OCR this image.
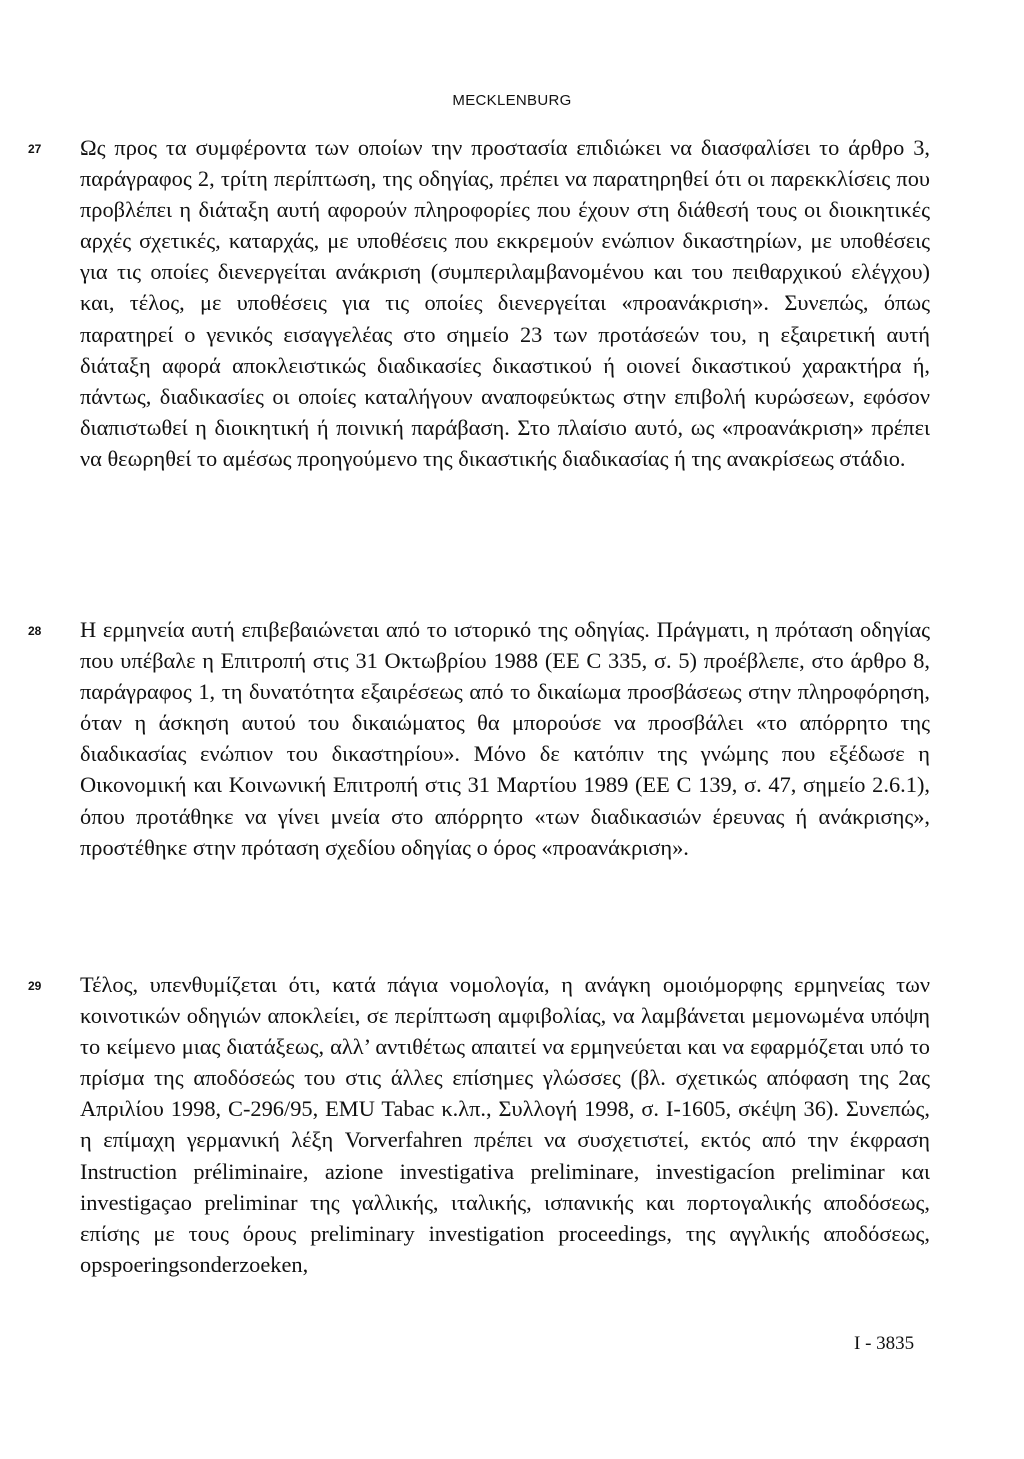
MECKLENBURG
27 Ως προς τα συμφέροντα των οποίων την προστασία επιδιώκει να διασφαλίσει το άρθρο 3, παράγραφος 2, τρίτη περίπτωση, της οδηγίας, πρέπει να παρατηρηθεί ότι οι παρεκκλίσεις που προβλέπει η διάταξη αυτή αφορούν πληροφορίες που έχουν στη διάθεσή τους οι διοικητικές αρχές σχετικές, καταρχάς, με υποθέσεις που εκκρεμούν ενώπιον δικαστηρίων, με υποθέσεις για τις οποίες διενεργείται ανάκριση (συμπεριλαμβανομένου και του πειθαρχικού ελέγχου) και, τέλος, με υποθέσεις για τις οποίες διενεργείται «προανάκριση». Συνεπώς, όπως παρατηρεί ο γενικός εισαγγελέας στο σημείο 23 των προτάσεών του, η εξαιρετική αυτή διάταξη αφορά αποκλειστικώς διαδικασίες δικαστικού ή οιονεί δικαστικού χαρακτήρα ή, πάντως, διαδικασίες οι οποίες καταλήγουν αναποφεύκτως στην επιβολή κυρώσεων, εφόσον διαπιστωθεί η διοικητική ή ποινική παράβαση. Στο πλαίσιο αυτό, ως «προανάκριση» πρέπει να θεωρηθεί το αμέσως προηγούμενο της δικαστικής διαδικασίας ή της ανακρίσεως στάδιο.
28 Η ερμηνεία αυτή επιβεβαιώνεται από το ιστορικό της οδηγίας. Πράγματι, η πρόταση οδηγίας που υπέβαλε η Επιτροπή στις 31 Οκτωβρίου 1988 (ΕΕ C 335, σ. 5) προέβλεπε, στο άρθρο 8, παράγραφος 1, τη δυνατότητα εξαιρέσεως από το δικαίωμα προσβάσεως στην πληροφόρηση, όταν η άσκηση αυτού του δικαιώματος θα μπορούσε να προσβάλει «το απόρρητο της διαδικασίας ενώπιον του δικαστηρίου». Μόνο δε κατόπιν της γνώμης που εξέδωσε η Οικονομική και Κοινωνική Επιτροπή στις 31 Μαρτίου 1989 (ΕΕ C 139, σ. 47, σημείο 2.6.1), όπου προτάθηκε να γίνει μνεία στο απόρρητο «των διαδικασιών έρευνας ή ανάκρισης», προστέθηκε στην πρόταση σχεδίου οδηγίας ο όρος «προανάκριση».
29 Τέλος, υπενθυμίζεται ότι, κατά πάγια νομολογία, η ανάγκη ομοιόμορφης ερμηνείας των κοινοτικών οδηγιών αποκλείει, σε περίπτωση αμφιβολίας, να λαμβάνεται μεμονωμένα υπόψη το κείμενο μιας διατάξεως, αλλ’ αντιθέτως απαιτεί να ερμηνεύεται και να εφαρμόζεται υπό το πρίσμα της αποδόσεώς του στις άλλες επίσημες γλώσσες (βλ. σχετικώς απόφαση της 2ας Απριλίου 1998, C-296/95, EMU Tabac κ.λπ., Συλλογή 1998, σ. I-1605, σκέψη 36). Συνεπώς, η επίμαχη γερμανική λέξη Vorverfahren πρέπει να συσχετιστεί, εκτός από την έκφραση Instruction préliminaire, azione investigativa preliminare, investigacíon preliminar και investigaçao preliminar της γαλλικής, ιταλικής, ισπανικής και πορτογαλικής αποδόσεως, επίσης με τους όρους preliminary investigation proceedings, της αγγλικής αποδόσεως, opspoeringsonderzoeken,
I - 3835
